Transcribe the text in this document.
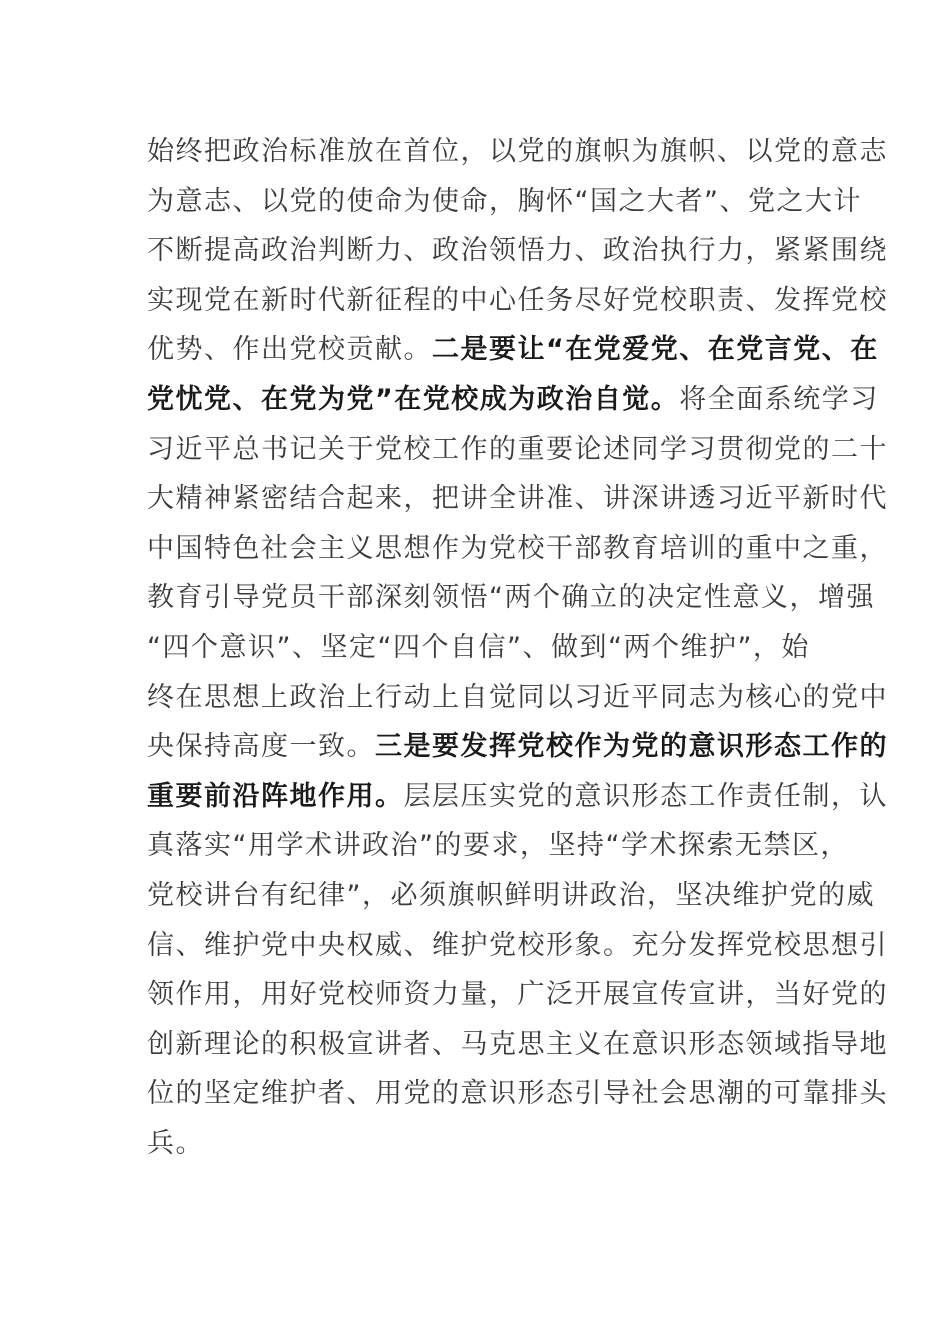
始终把政治标准放在首位，以党的旗帜为旗帜、以党的意志
为意志、以党的使命为使命，胸怀“国之大者”、党之大计
不断提高政治判断力、政治领悟力、政治执行力，紧紧围绕
实现党在新时代新征程的中心任务尽好党校职责、发挥党校
优势、作出党校贡献。二是要让“在党爱党、在党言党、在
党忧党、在党为党”在党校成为政治自觉。将全面系统学习
习近平总书记关于党校工作的重要论述同学习贯彻党的二十
大精神紧密结合起来，把讲全讲准、讲深讲透习近平新时代
中国特色社会主义思想作为党校干部教育培训的重中之重，
教育引导党员干部深刻领悟“两个确立的决定性意义，增强
“四个意识”、坚定“四个自信”、做到“两个维护”，始
终在思想上政治上行动上自觉同以习近平同志为核心的党中
央保持高度一致。三是要发挥党校作为党的意识形态工作的
重要前沿阵地作用。层层压实党的意识形态工作责任制，认
真落实“用学术讲政治”的要求，坚持“学术探索无禁区，
党校讲台有纪律”，必须旗帜鲜明讲政治，坚决维护党的威
信、维护党中央权威、维护党校形象。充分发挥党校思想引
领作用，用好党校师资力量，广泛开展宣传宣讲，当好党的
创新理论的积极宣讲者、马克思主义在意识形态领域指导地
位的坚定维护者、用党的意识形态引导社会思潮的可靠排头
兵。
